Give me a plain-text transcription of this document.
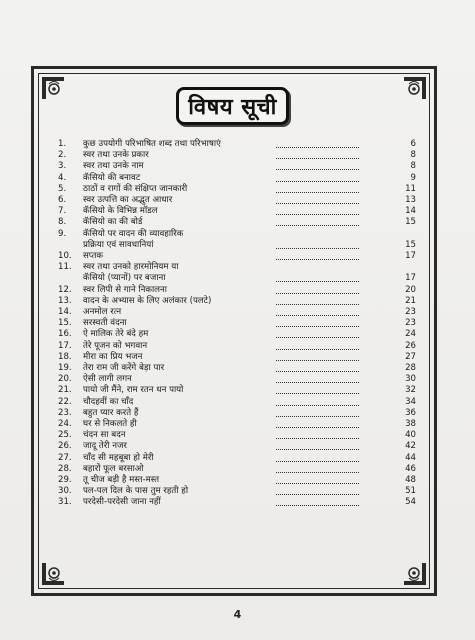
विषय सूची
1.	कुछ उपयोगी परिभाषित शब्द तथा परिभाषाएं	6
2.	स्वर तथा उनके प्रकार	8
3.	स्वर तथा उनके नाम	8
4.	कॅसियो की बनावट	9
5.	ठाठों व रागों की संक्षिप्त जानकारी	11
6.	स्वर उत्पत्ति का अद्भुत आधार	13
7.	कॅसियो के विभिन्न मॉडल	14
8.	कॅसियो का की बोर्ड	15
9.	कॅसियो पर वादन की व्यावहारिक
प्रक्रिया एवं सावधानियां	15
10.	सप्तक	17
11.	स्वर तथा उनको हारमोनियम या
कॅसियो (प्यानों) पर बजाना	17
12.	स्वर लिपी से गाने निकालना	20
13.	वादन के अभ्यास के लिए अलंकार (पलटे)	21
14.	अनमोल रत्न	23
15.	सरस्वती वंदना	23
16.	ऐ मालिक तेरे बंदे हम	24
17.	तेरे पूजन को भगवान	26
18.	मीरा का प्रिय भजन	27
19.	तेरा राम जी करेंगे बेड़ा पार	28
20.	ऐसी लागी लगन	30
21.	पायो जी मैंने, राम रतन धन पायो	32
22.	चौदहवीं का चाँद	34
23.	बहुत प्यार करते हैं	36
24.	घर से निकलते ही	38
25.	चंदन सा बदन	40
26.	जादू तेरी नजर	42
27.	चाँद सी महबूबा हो मेरी	44
28.	बहारों फूल बरसाओ	46
29.	तू चीज बड़ी है मस्त-मस्त	48
30.	पल-पल दिल के पास तुम रहती हो	51
31.	परदेसी-परदेसी जाना नहीं	54
4
